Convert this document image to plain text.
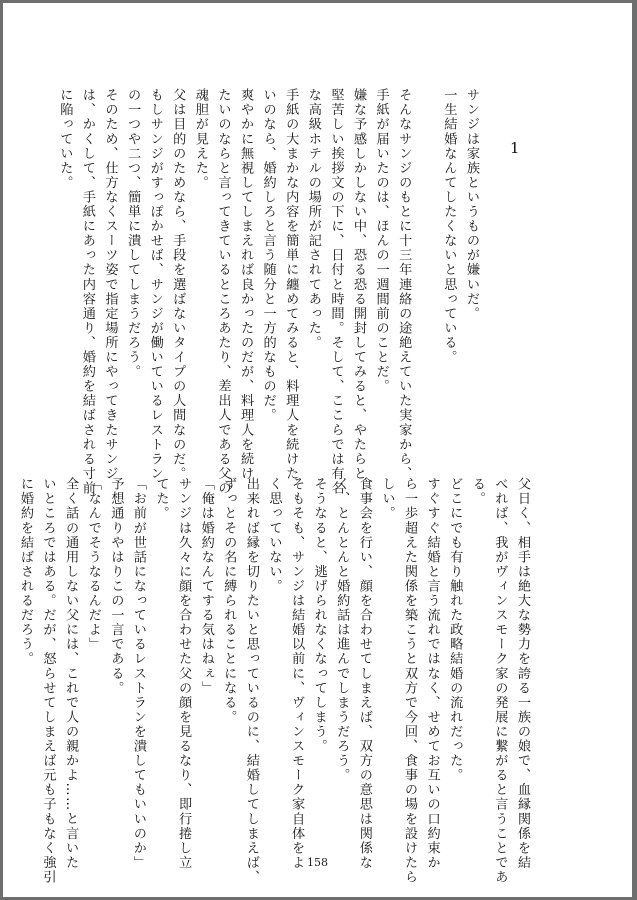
1

サンジは家族というものが嫌いだ。
一生結婚なんてしたくないと思っている。

そんなサンジのもとに十三年連絡の途絶えていた実家から、
手紙が届いたのは、ほんの一週間前のことだ。
嫌な予感しかしない中、恐る恐る開封してみると、やたらと
堅苦しい挨拶文の下に、日付と時間。そして、ここらでは有名
な高級ホテルの場所が記されてあった。
手紙の大まかな内容を簡単に纏めてみると、料理人を続けた
いのなら、婚約しろと言う随分と一方的なものだ。
爽やかに無視してしまえれば良かったのだが、料理人を続け
たいのならと言ってきているところあたり、差出人である父の
魂胆が見えた。
父は目的のためなら、手段を選ばないタイプの人間なのだ。
もしサンジがすっぽかせば、サンジが働いているレストラン
の一つや二つ、簡単に潰してしまうだろう。
そのため、仕方なくスーツ姿で指定場所にやってきたサンジ
は、かくして、手紙にあった内容通り、婚約を結ばされる寸前
に陥っていた。

父日く、相手は絶大な勢力を誇る一族の娘で、血縁関係を結
べれば、我がヴィンスモーク家の発展に繋がると言うことであ
る。
どこにでも有り触れた政略結婚の流れだった。
すぐすぐ結婚と言う流れではなく、せめてお互いの口約束か
ら一歩超えた関係を築こうと双方で今回、食事の場を設けたら
しい。
食事会を行い、顔を合わせてしまえば、双方の意思は関係な
く、とんとんと婚約話は進んでしまうだろう。
そうなると、逃げられなくなってしまう。
そもそも、サンジは結婚以前に、ヴィンスモーク家自体をよ
く思っていない。
出来れば縁を切りたいと思っているのに、結婚してしまえば、
ずっとその名に縛られることになる。
「俺は婚約なんてする気はねぇ」
サンジは久々に顔を合わせた父の顔を見るなり、即行捲し立
てた。
「お前が世話になっているレストランを潰してもいいのか」
予想通りやはりこの一言である。
「なんでそうなるんだよ」
全く話の通用しない父には、これで人の親かよ……と言いた
いところではある。だが、怒らせてしまえば元も子もなく強引
に婚約を結ばされるだろう。

158
